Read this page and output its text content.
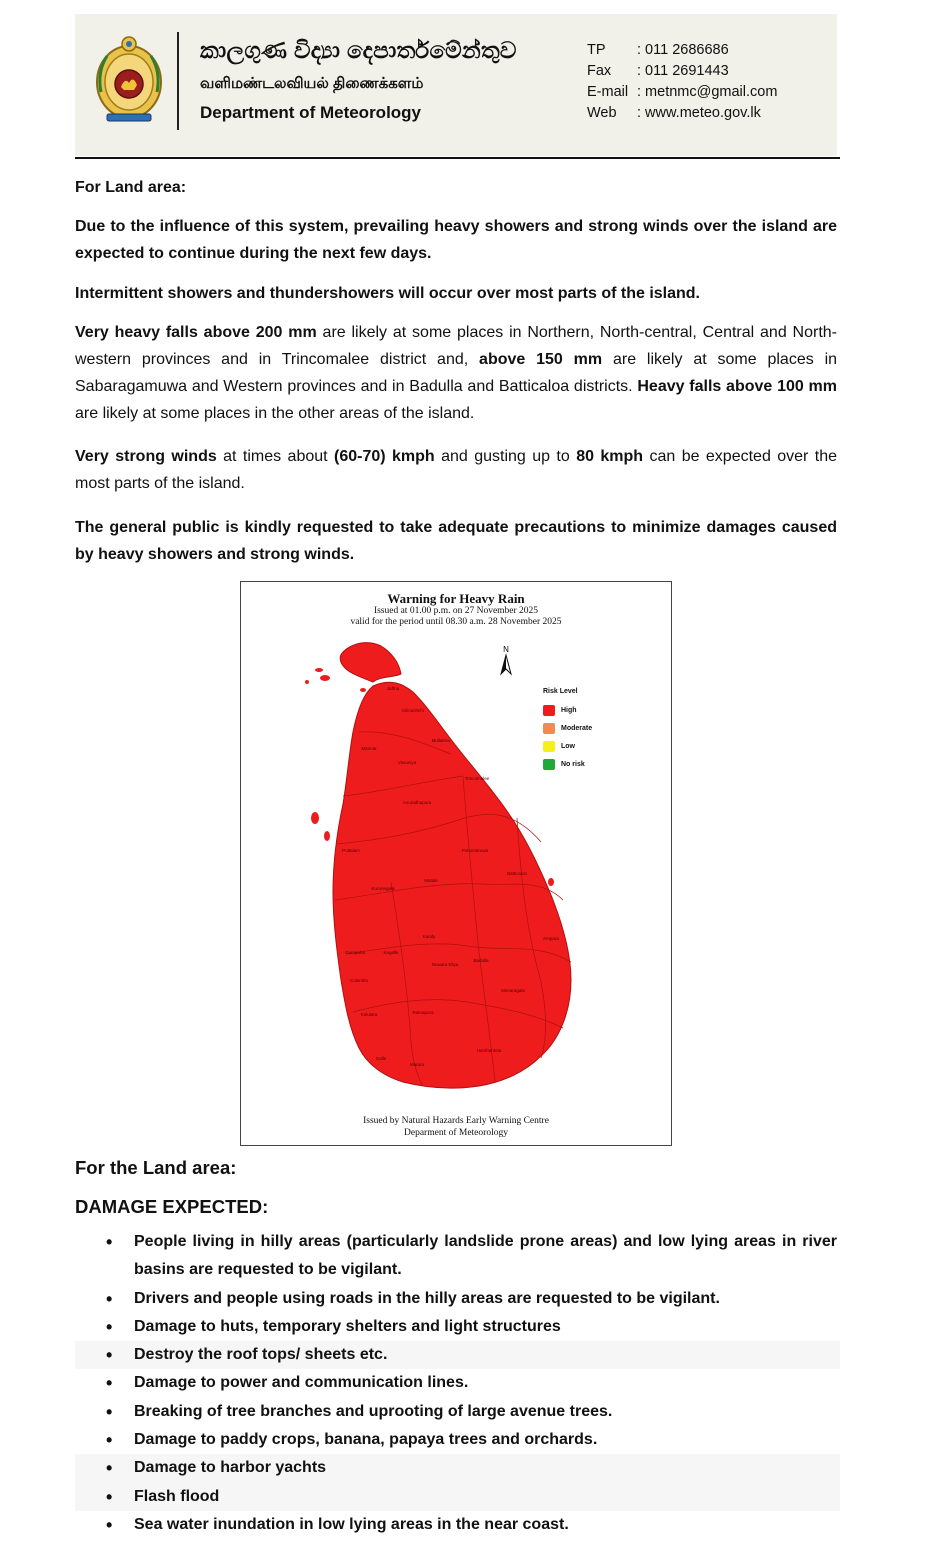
කාලගුණ විද්‍යා දෙපාර්තමේන්තුව
வளிமண்டலவியல் திணைக்களம்
Department of Meteorology
TP	: 011 2686686
Fax	: 011 2691443
E-mail : metnmc@gmail.com
Web	: www.meteo.gov.lk
For Land area:
Due to the influence of this system, prevailing heavy showers and strong winds over the island are expected to continue during the next few days.
Intermittent showers and thundershowers will occur over most parts of the island.
Very heavy falls above 200 mm are likely at some places in Northern, North-central, Central and North-western provinces and in Trincomalee district and, above 150 mm are likely at some places in Sabaragamuwa and Western provinces and in Badulla and Batticaloa districts. Heavy falls above 100 mm are likely at some places in the other areas of the island.
Very strong winds at times about (60-70) kmph and gusting up to 80 kmph can be expected over the most parts of the island.
The general public is kindly requested to take adequate precautions to minimize damages caused by heavy showers and strong winds.
Warning for Heavy Rain
Issued at 01.00 p.m. on 27 November 2025
valid for the period until 08.30 a.m. 28 November 2025
N
Risk Level
High
Moderate
Low
No risk
Jaffna
Kilinochchi
Mullaitivu
Mannar
Vavuniya
Trincomalee
Anuradhapura
Puttalam	Polonnaruwa
Matale
Batticaloa
Kurunegala
Kandy	Ampara
Gampaha	Kegalle
Nuwara Eliya
Badulla
Colombo
Monaragala
Kalutara	Ratnapura
Hambantota
Galle
Matara
Issued by Natural Hazards Early Warning Centre
Deparment of Meteorology
For the Land area:
DAMAGE EXPECTED:
• People living in hilly areas (particularly landslide prone areas) and low lying areas in river basins are requested to be vigilant.
• Drivers and people using roads in the hilly areas are requested to be vigilant.
• Damage to huts, temporary shelters and light structures
• Destroy the roof tops/ sheets etc.
• Damage to power and communication lines.
• Breaking of tree branches and uprooting of large avenue trees.
• Damage to paddy crops, banana, papaya trees and orchards.
• Damage to harbor yachts
• Flash flood
• Sea water inundation in low lying areas in the near coast.
